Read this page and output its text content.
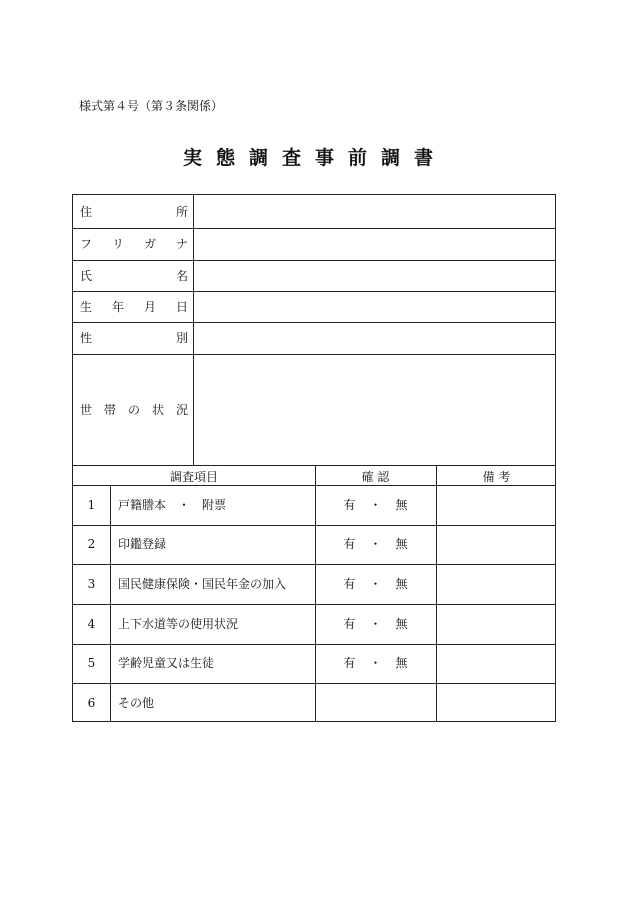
様式第４号（第３条関係）
実態調査事前調書
住	所
フ リ ガ ナ
氏	名
生 年 月 日
性	別
世 帯 の 状 況
調査項目	確 認	備 考
1	戸籍謄本　・　附票	有 ・ 無
2	印鑑登録	有 ・ 無
3	国民健康保険・国民年金の加入	有 ・ 無
4	上下水道等の使用状況	有 ・ 無
5	学齢児童又は生徒	有 ・ 無
6	その他
